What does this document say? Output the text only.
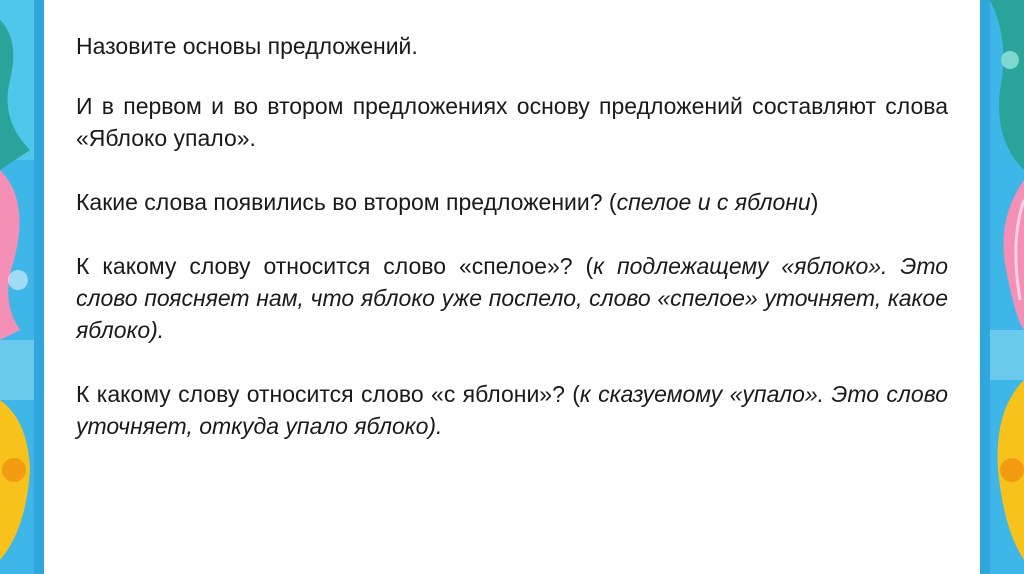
Назовите основы предложений.

И в первом и во втором предложениях основу предложений составляют слова «Яблоко упало».

Какие слова появились во втором предложении? (спелое и с яблони)

К какому слову относится слово «спелое»? (к подлежащему «яблоко». Это слово поясняет нам, что яблоко уже поспело, слово «спелое» уточняет, какое яблоко).

К какому слову относится слово «с яблони»? (к сказуемому «упало». Это слово уточняет, откуда упало яблоко).
